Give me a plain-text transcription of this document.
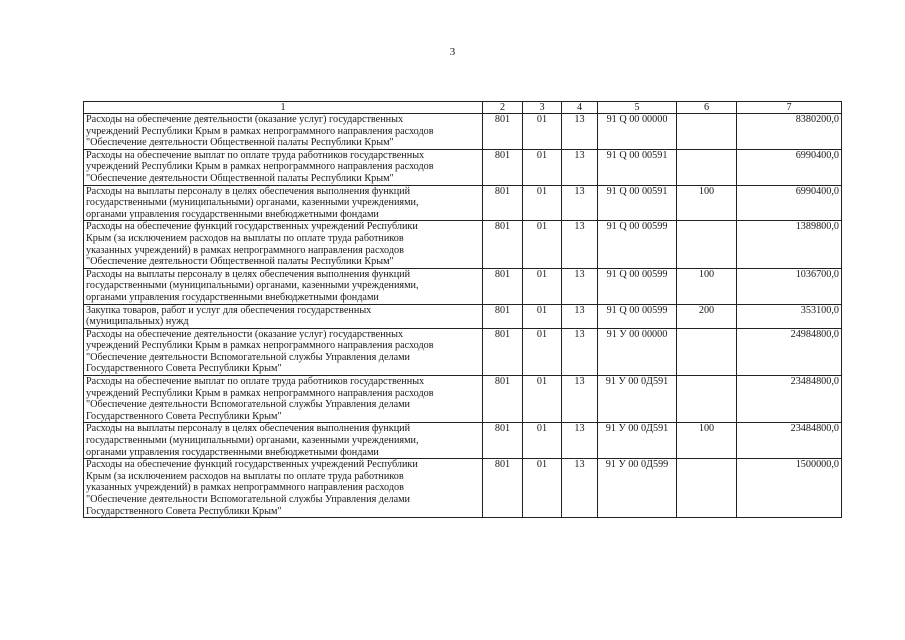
3
1	2	3	4	5	6	7

Расходы на обеспечение деятельности (оказание услуг) государственных
учреждений Республики Крым в рамках непрограммного направления расходов
"Обеспечение деятельности Общественной палаты Республики Крым"	801	01	13	91 Q 00 00000		8380200,0

Расходы на обеспечение выплат по оплате труда работников государственных
учреждений Республики Крым в рамках непрограммного направления расходов
"Обеспечение деятельности Общественной палаты Республики Крым"	801	01	13	91 Q 00 00591		6990400,0

Расходы на выплаты персоналу в целях обеспечения выполнения функций
государственными (муниципальными) органами, казенными учреждениями,
органами управления государственными внебюджетными фондами	801	01	13	91 Q 00 00591	100	6990400,0

Расходы на обеспечение функций государственных учреждений Республики
Крым (за исключением расходов на выплаты по оплате труда работников
указанных учреждений) в рамках непрограммного направления расходов
"Обеспечение деятельности Общественной палаты Республики Крым"	801	01	13	91 Q 00 00599		1389800,0

Расходы на выплаты персоналу в целях обеспечения выполнения функций
государственными (муниципальными) органами, казенными учреждениями,
органами управления государственными внебюджетными фондами	801	01	13	91 Q 00 00599	100	1036700,0

Закупка товаров, работ и услуг для обеспечения государственных
(муниципальных) нужд	801	01	13	91 Q 00 00599	200	353100,0

Расходы на обеспечение деятельности (оказание услуг) государственных
учреждений Республики Крым в рамках непрограммного направления расходов
"Обеспечение деятельности Вспомогательной службы Управления делами
Государственного Совета Республики Крым"	801	01	13	91 У 00 00000		24984800,0

Расходы на обеспечение выплат по оплате труда работников государственных
учреждений Республики Крым в рамках непрограммного направления расходов
"Обеспечение деятельности Вспомогательной службы Управления делами
Государственного Совета Республики Крым"	801	01	13	91 У 00 0Д591		23484800,0

Расходы на выплаты персоналу в целях обеспечения выполнения функций
государственными (муниципальными) органами, казенными учреждениями,
органами управления государственными внебюджетными фондами	801	01	13	91 У 00 0Д591	100	23484800,0

Расходы на обеспечение функций государственных учреждений Республики
Крым (за исключением расходов на выплаты по оплате труда работников
указанных учреждений) в рамках непрограммного направления расходов
"Обеспечение деятельности Вспомогательной службы Управления делами
Государственного Совета Республики Крым"	801	01	13	91 У 00 0Д599		1500000,0
